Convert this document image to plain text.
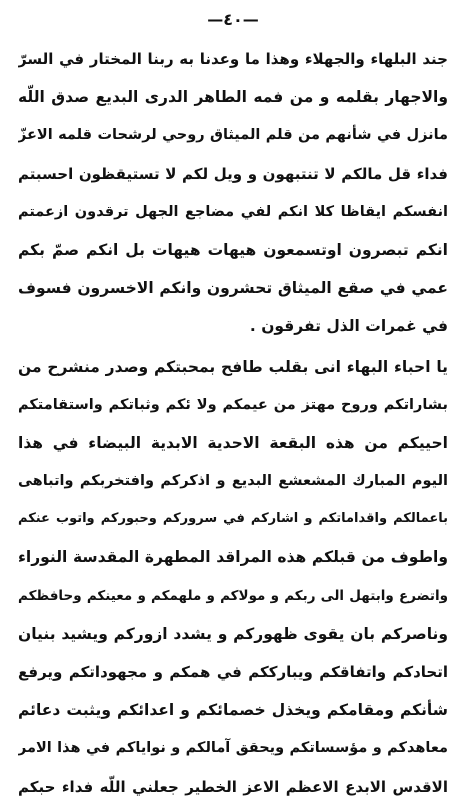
—٤٠—
جند البلهاء والجهلاء وهذا ما وعدنا به ربنا المختار في السرّ
والاجهار بقلمه و من فمه الطاهر الدرى البديع صدق اللّه
مانزل في شأنهم من قلم الميثاق روحي لرشحات قلمه الاعزّ
فداء قل مالكم لا تنتبهون و ويل لكم لا تستيقظون احسبتم
انفسكم ايقاظا كلا انكم لفي مضاجع الجهل ترقدون ازعمتم
انكم تبصرون اوتسمعون هيهات هيهات بل انكم صمّ بكم
عمي في صقع الميثاق تحشرون وانكم الاخسرون فسوف
في غمرات الذل تفرقون .
يا احباء البهاء انى بقلب طافح بمحبتكم وصدر منشرح من
بشاراتكم وروح مهتز من عيمكم ولا ئكم وثباتكم واستقامتكم
احييكم من هذه البقعة الاحدية الابدية البيضاء في هذا
اليوم المبارك المشعشع البديع و اذكركم وافتخربكم واتباهى
باعمالكم واقداماتكم و اشاركم في سروركم وحبوركم واتوب عنكم
واطوف من قبلكم هذه المراقد المطهرة المقدسة النوراء
واتضرع وابتهل الى ربكم و مولاكم و ملهمكم و معينكم وحافظكم
وناصركم بان يقوى ظهوركم و يشدد ازوركم ويشيد بنيان
اتحادكم واتفاقكم ويبارككم في همكم و مجهوداتكم ويرفع
شأنكم ومقامكم ويخذل خصمائكم و اعدائكم ويثبت دعائم
معاهدكم و مؤسساتكم ويحقق آمالكم و نواياكم في هذا الامر
الاقدس الابدع الاعظم الاعز الخطير جعلني اللّه فداء حبكم
